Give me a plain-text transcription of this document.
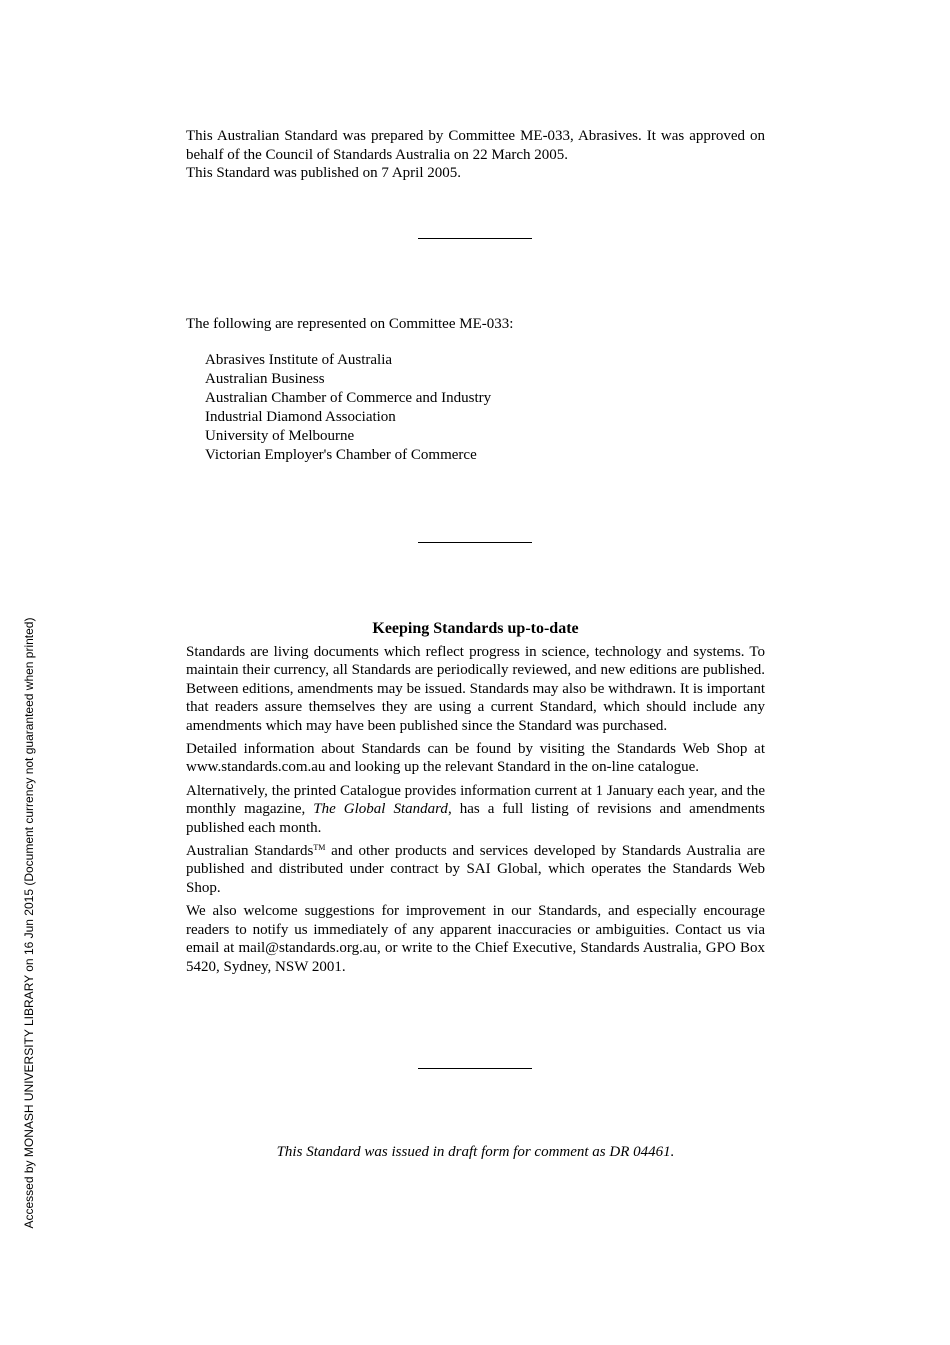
Accessed by MONASH UNIVERSITY LIBRARY on 16 Jun 2015 (Document currency not guaranteed when printed)

This Australian Standard was prepared by Committee ME-033, Abrasives. It was approved on behalf of the Council of Standards Australia on 22 March 2005.

This Standard was published on 7 April 2005.

The following are represented on Committee ME-033:
Abrasives Institute of Australia
Australian Business
Australian Chamber of Commerce and Industry
Industrial Diamond Association
University of Melbourne
Victorian Employer's Chamber of Commerce
Keeping Standards up-to-date

Standards are living documents which reflect progress in science, technology and systems. To maintain their currency, all Standards are periodically reviewed, and new editions are published. Between editions, amendments may be issued. Standards may also be withdrawn. It is important that readers assure themselves they are using a current Standard, which should include any amendments which may have been published since the Standard was purchased.

Detailed information about Standards can be found by visiting the Standards Web Shop at www.standards.com.au and looking up the relevant Standard in the on-line catalogue.

Alternatively, the printed Catalogue provides information current at 1 January each year, and the monthly magazine, The Global Standard, has a full listing of revisions and amendments published each month.

Australian Standards™ and other products and services developed by Standards Australia are published and distributed under contract by SAI Global, which operates the Standards Web Shop.

We also welcome suggestions for improvement in our Standards, and especially encourage readers to notify us immediately of any apparent inaccuracies or ambiguities. Contact us via email at mail@standards.org.au, or write to the Chief Executive, Standards Australia, GPO Box 5420, Sydney, NSW 2001.

This Standard was issued in draft form for comment as DR 04461.
